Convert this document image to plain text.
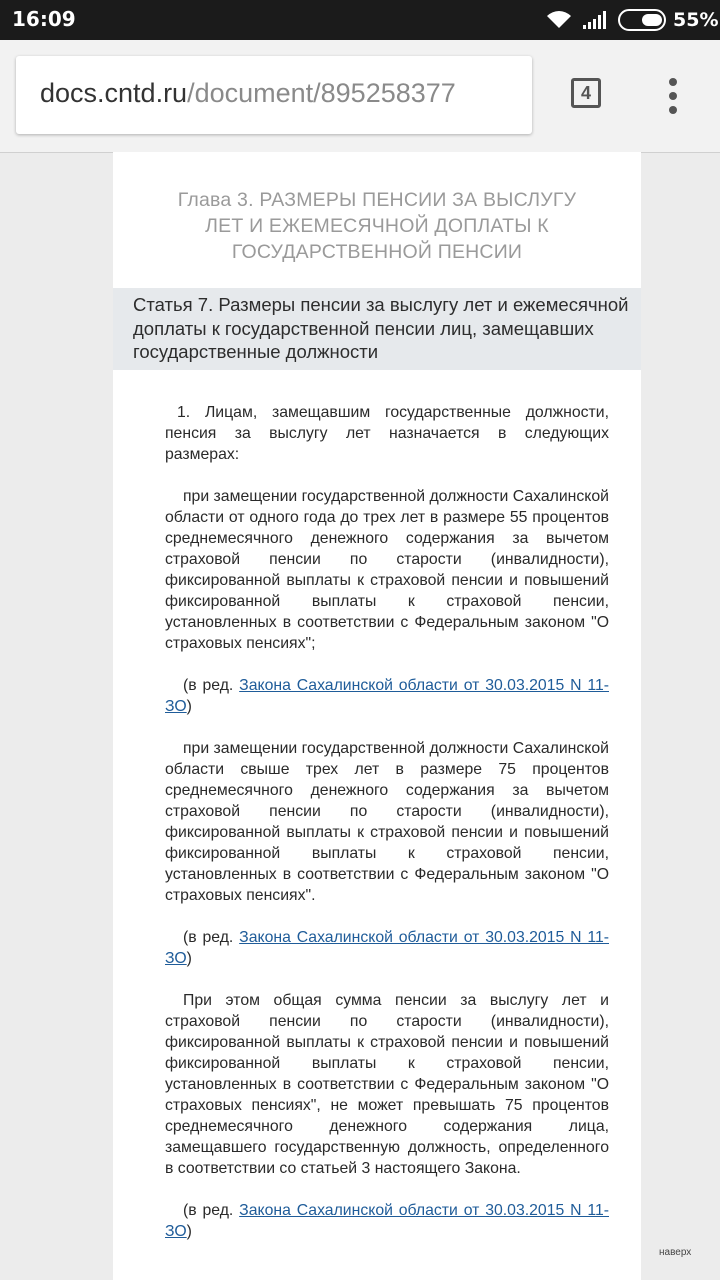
16:09	55%
docs.cntd.ru/document/895258377	4
Глава 3. РАЗМЕРЫ ПЕНСИИ ЗА ВЫСЛУГУ
ЛЕТ И ЕЖЕМЕСЯЧНОЙ ДОПЛАТЫ К
ГОСУДАРСТВЕННОЙ ПЕНСИИ
Статья 7. Размеры пенсии за выслугу лет и ежемесячной доплаты к государственной пенсии лиц, замещавших государственные должности

1. Лицам, замещавшим государственные должности, пенсия за выслугу лет назначается в следующих размерах:

при замещении государственной должности Сахалинской области от одного года до трех лет в размере 55 процентов среднемесячного денежного содержания за вычетом страховой пенсии по старости (инвалидности), фиксированной выплаты к страховой пенсии и повышений фиксированной выплаты к страховой пенсии, установленных в соответствии с Федеральным законом "О страховых пенсиях";

(в ред. Закона Сахалинской области от 30.03.2015 N 11-ЗО)

при замещении государственной должности Сахалинской области свыше трех лет в размере 75 процентов среднемесячного денежного содержания за вычетом страховой пенсии по старости (инвалидности), фиксированной выплаты к страховой пенсии и повышений фиксированной выплаты к страховой пенсии, установленных в соответствии с Федеральным законом "О страховых пенсиях".

(в ред. Закона Сахалинской области от 30.03.2015 N 11-ЗО)

При этом общая сумма пенсии за выслугу лет и страховой пенсии по старости (инвалидности), фиксированной выплаты к страховой пенсии и повышений фиксированной выплаты к страховой пенсии, установленных в соответствии с Федеральным законом "О страховых пенсиях", не может превышать 75 процентов среднемесячного денежного содержания лица, замещавшего государственную должность, определенного в соответствии со статьей 3 настоящего Закона.

(в ред. Закона Сахалинской области от 30.03.2015 N 11-ЗО)

наверх
